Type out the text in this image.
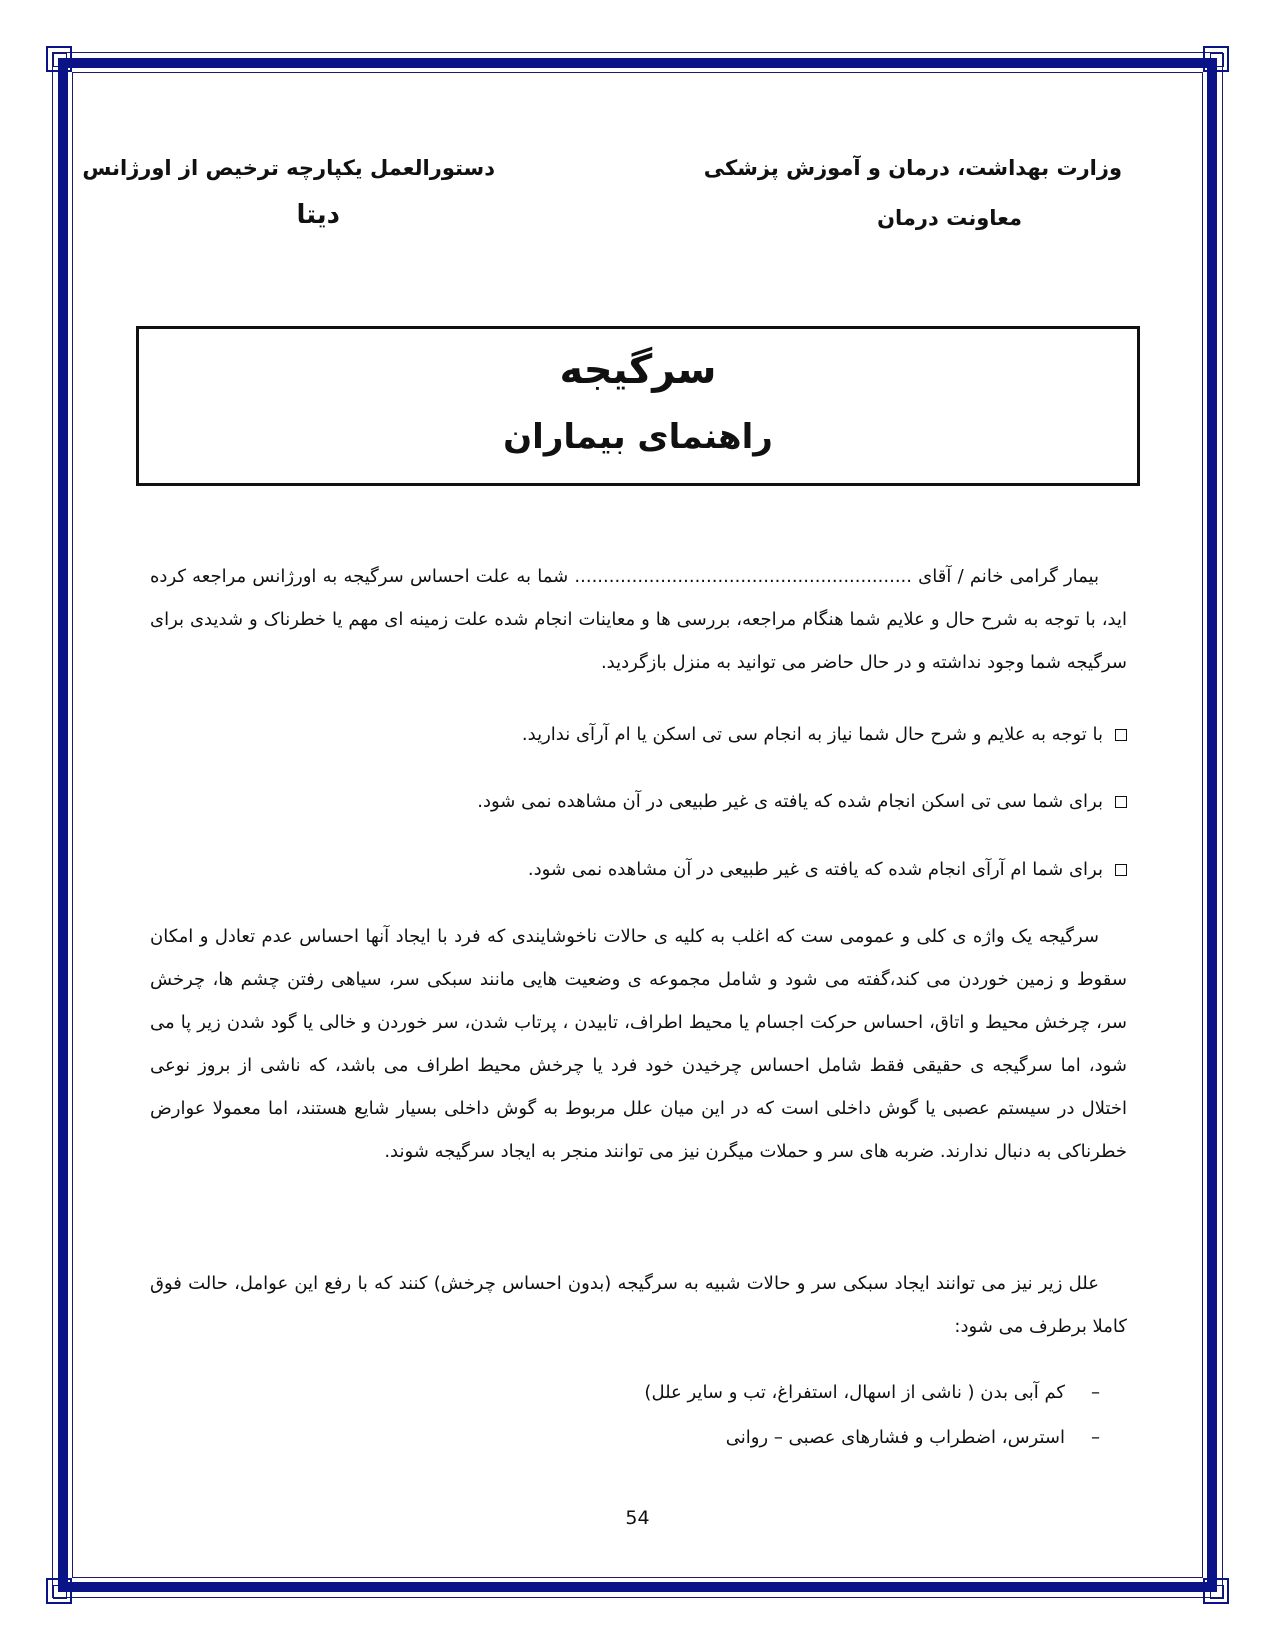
وزارت بهداشت، درمان و آموزش پزشکی
معاونت درمان
دستورالعمل یکپارچه ترخیص از اورژانس
دیتا
سرگیجه
راهنمای بیماران
بیمار گرامی خانم / آقای ........................................................... شما به علت احساس سرگیجه به اورژانس مراجعه کرده اید، با توجه به شرح حال و علایم شما هنگام مراجعه، بررسی ها و معاینات انجام شده علت زمینه ای مهم یا خطرناک و شدیدی برای سرگیجه شما وجود نداشته و در حال حاضر می توانید به منزل بازگردید.
با توجه به علایم و شرح حال شما نیاز به انجام سی تی اسکن یا ام آرآی ندارید.
برای شما سی تی اسکن انجام شده که یافته ی غیر طبیعی در آن مشاهده نمی شود.
برای شما ام آرآی انجام شده که یافته ی غیر طبیعی در آن مشاهده نمی شود.
سرگیجه یک واژه ی کلی و عمومی ست که اغلب به کلیه ی حالات ناخوشایندی که فرد با ایجاد آنها احساس عدم تعادل و امکان سقوط و زمین خوردن می کند،گفته می شود و شامل مجموعه ی وضعیت هایی مانند سبکی سر، سیاهی رفتن چشم ها، چرخش سر، چرخش محیط و اتاق، احساس حرکت اجسام یا محیط اطراف، تابیدن ، پرتاب شدن، سر خوردن و خالی یا گود شدن زیر پا می شود، اما سرگیجه ی حقیقی فقط شامل احساس چرخیدن خود فرد یا چرخش محیط اطراف می باشد، که ناشی از بروز نوعی اختلال در سیستم عصبی یا گوش داخلی است که در این میان علل مربوط به گوش داخلی بسیار شایع هستند، اما معمولا عوارض خطرناکی به دنبال ندارند. ضربه های سر و حملات میگرن نیز می توانند منجر به ایجاد سرگیجه شوند.
علل زیر نیز می توانند ایجاد سبکی سر و حالات شبیه به سرگیجه (بدون احساس چرخش) کنند که با رفع این عوامل، حالت فوق کاملا برطرف می شود:
–کم آبی بدن ( ناشی از اسهال، استفراغ، تب و سایر علل)
–استرس، اضطراب و فشارهای عصبی – روانی
54
